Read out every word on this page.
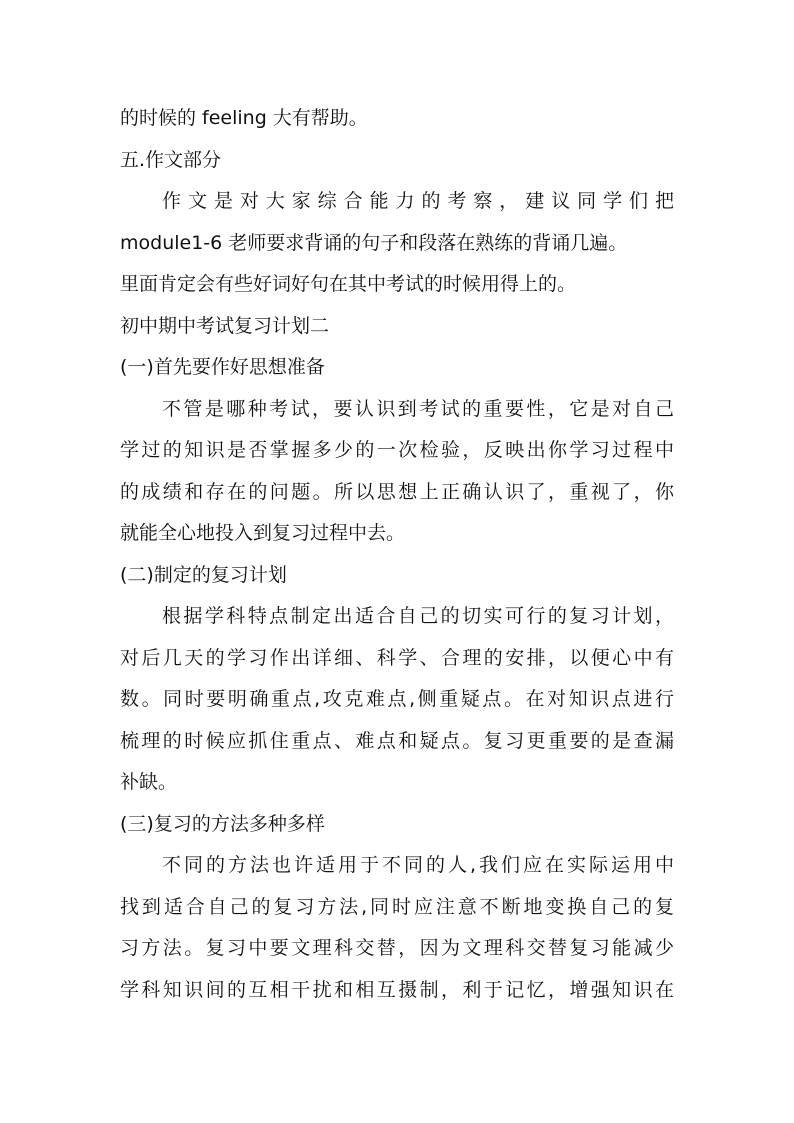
的时候的 feeling 大有帮助。
五.作文部分
作文是对大家综合能力的考察，建议同学们把
module1-6 老师要求背诵的句子和段落在熟练的背诵几遍。
里面肯定会有些好词好句在其中考试的时候用得上的。
初中期中考试复习计划二
(一)首先要作好思想准备
不管是哪种考试，要认识到考试的重要性，它是对自己
学过的知识是否掌握多少的一次检验，反映出你学习过程中
的成绩和存在的问题。所以思想上正确认识了，重视了，你
就能全心地投入到复习过程中去。
(二)制定的复习计划
根据学科特点制定出适合自己的切实可行的复习计划，
对后几天的学习作出详细、科学、合理的安排，以便心中有
数。同时要明确重点,攻克难点,侧重疑点。在对知识点进行
梳理的时候应抓住重点、难点和疑点。复习更重要的是查漏
补缺。
(三)复习的方法多种多样
不同的方法也许适用于不同的人,我们应在实际运用中
找到适合自己的复习方法,同时应注意不断地变换自己的复
习方法。复习中要文理科交替，因为文理科交替复习能减少
学科知识间的互相干扰和相互摄制，利于记忆，增强知识在
